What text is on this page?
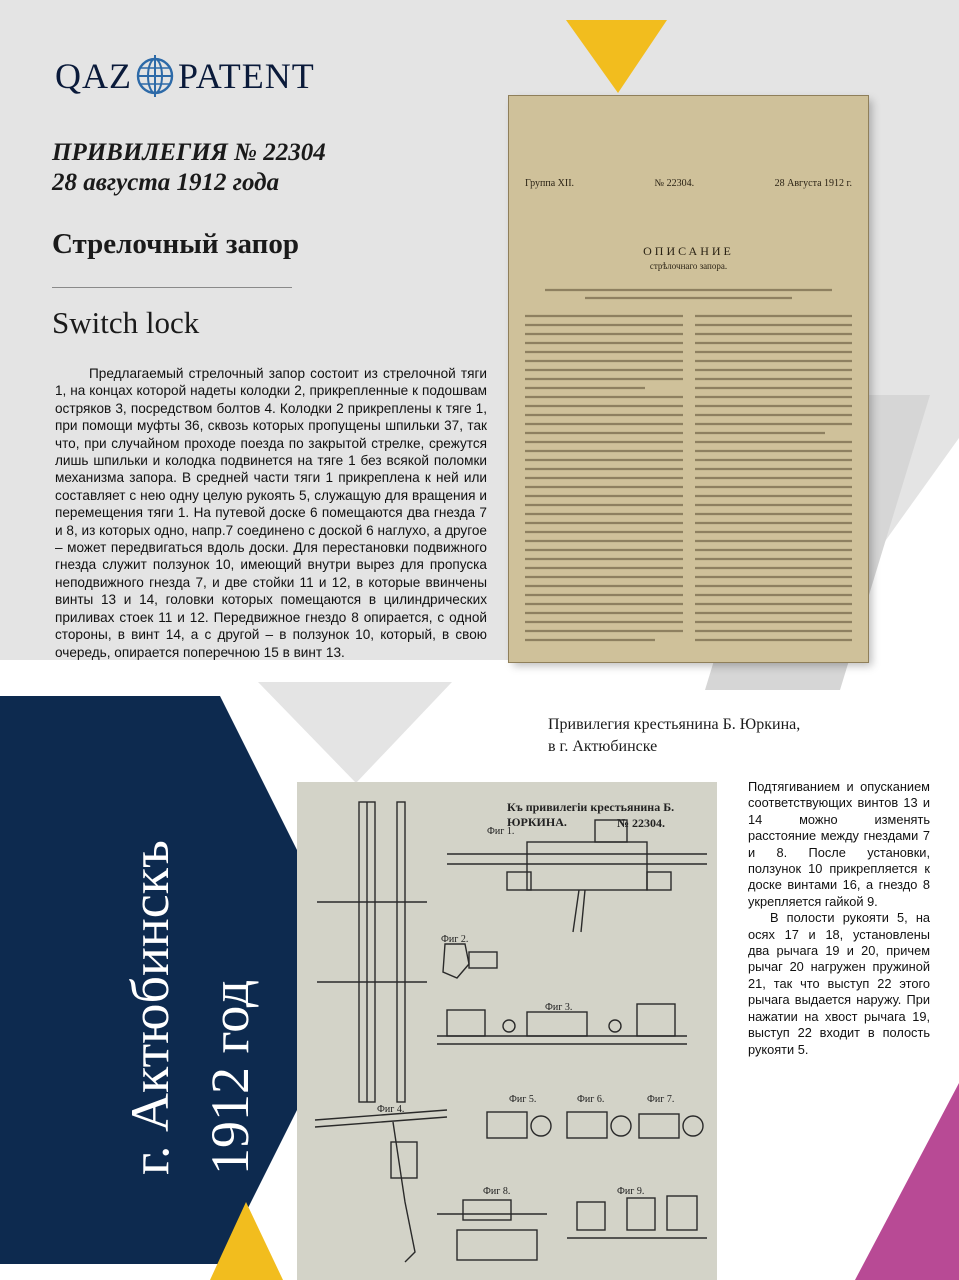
QAZ PATENT
ПРИВИЛЕГИЯ № 22304
28 августа 1912 года
Стрелочный запор
Switch lock

Предлагаемый стрелочный запор состоит из стрелочной тяги 1, на концах которой надеты колодки 2, прикрепленные к подошвам остряков 3, посредством болтов 4. Колодки 2 прикреплены к тяге 1, при помощи муфты 36, сквозь которых пропущены шпильки 37, так что, при случайном проходе поезда по закрытой стрелке, срежутся лишь шпильки и колодка подвинется на тяге 1 без всякой поломки механизма запора. В средней части тяги 1 прикреплена к ней или составляет с нею одну целую рукоять 5, служащую для вращения и перемещения тяги 1. На путевой доске 6 помещаются два гнезда 7 и 8, из которых одно, напр.7 соединено с доской 6 наглухо, а другое – может передвигаться вдоль доски. Для перестановки подвижного гнезда служит ползунок 10, имеющий внутри вырез для пропуска неподвижного гнезда 7, и две стойки 11 и 12, в которые ввинчены винты 13 и 14, головки которых помещаются в цилиндрических приливах стоек 11 и 12. Передвижное гнездо 8 опирается, с одной стороны, в винт 14, а с другой – в ползунок 10, который, в свою очередь, опирается поперечною 15 в винт 13.

Группа XII.	№ 22304.	28 Августа 1912 г.
ОПИСАНИЕ
стрѣлочнаго запора.
Привилегия крестьянина Б. Юркина,
в г. Актюбинске
Къ привилегіи крестьянина Б. ЮРКИНА.	№ 22304.
Фиг 1.
Фиг 2.
Фиг 3.
Фиг 4.
Фиг 5.	Фиг 6.	Фиг 7.
Фиг 8.	Фиг 9.

Подтягиванием и опусканием соответствующих винтов 13 и 14 можно изменять расстояние между гнездами 7 и 8. После установки, ползунок 10 прикрепляется к доске винтами 16, а гнездо 8 укрепляется гайкой 9.

В полости рукояти 5, на осях 17 и 18, установлены два рычага 19 и 20, причем рычаг 20 нагружен пружиной 21, так что выступ 22 этого рычага выдается наружу. При нажатии на хвост рычага 19, выступ 22 входит в полость рукояти 5.

г. Актюбинскъ 1912 год
